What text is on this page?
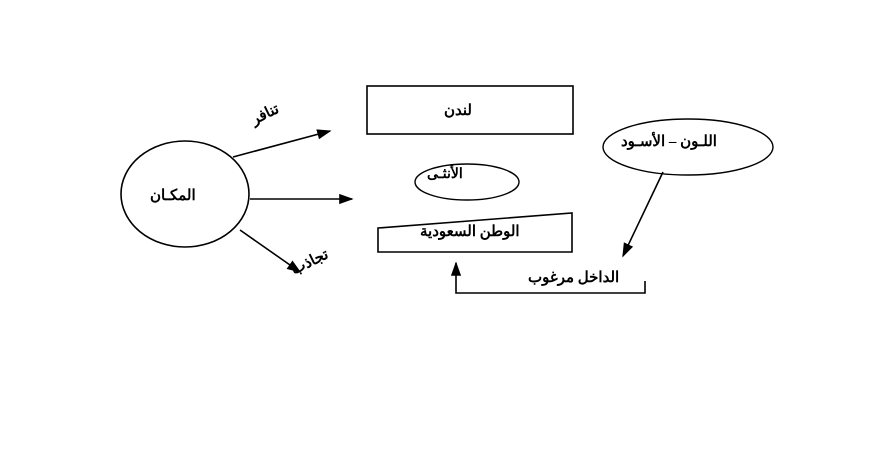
المكـان
لندن
الأنثـى
الوطن السعودية
اللـون – الأسـود
الداخل مرغوب
تنافر
تجاذب
